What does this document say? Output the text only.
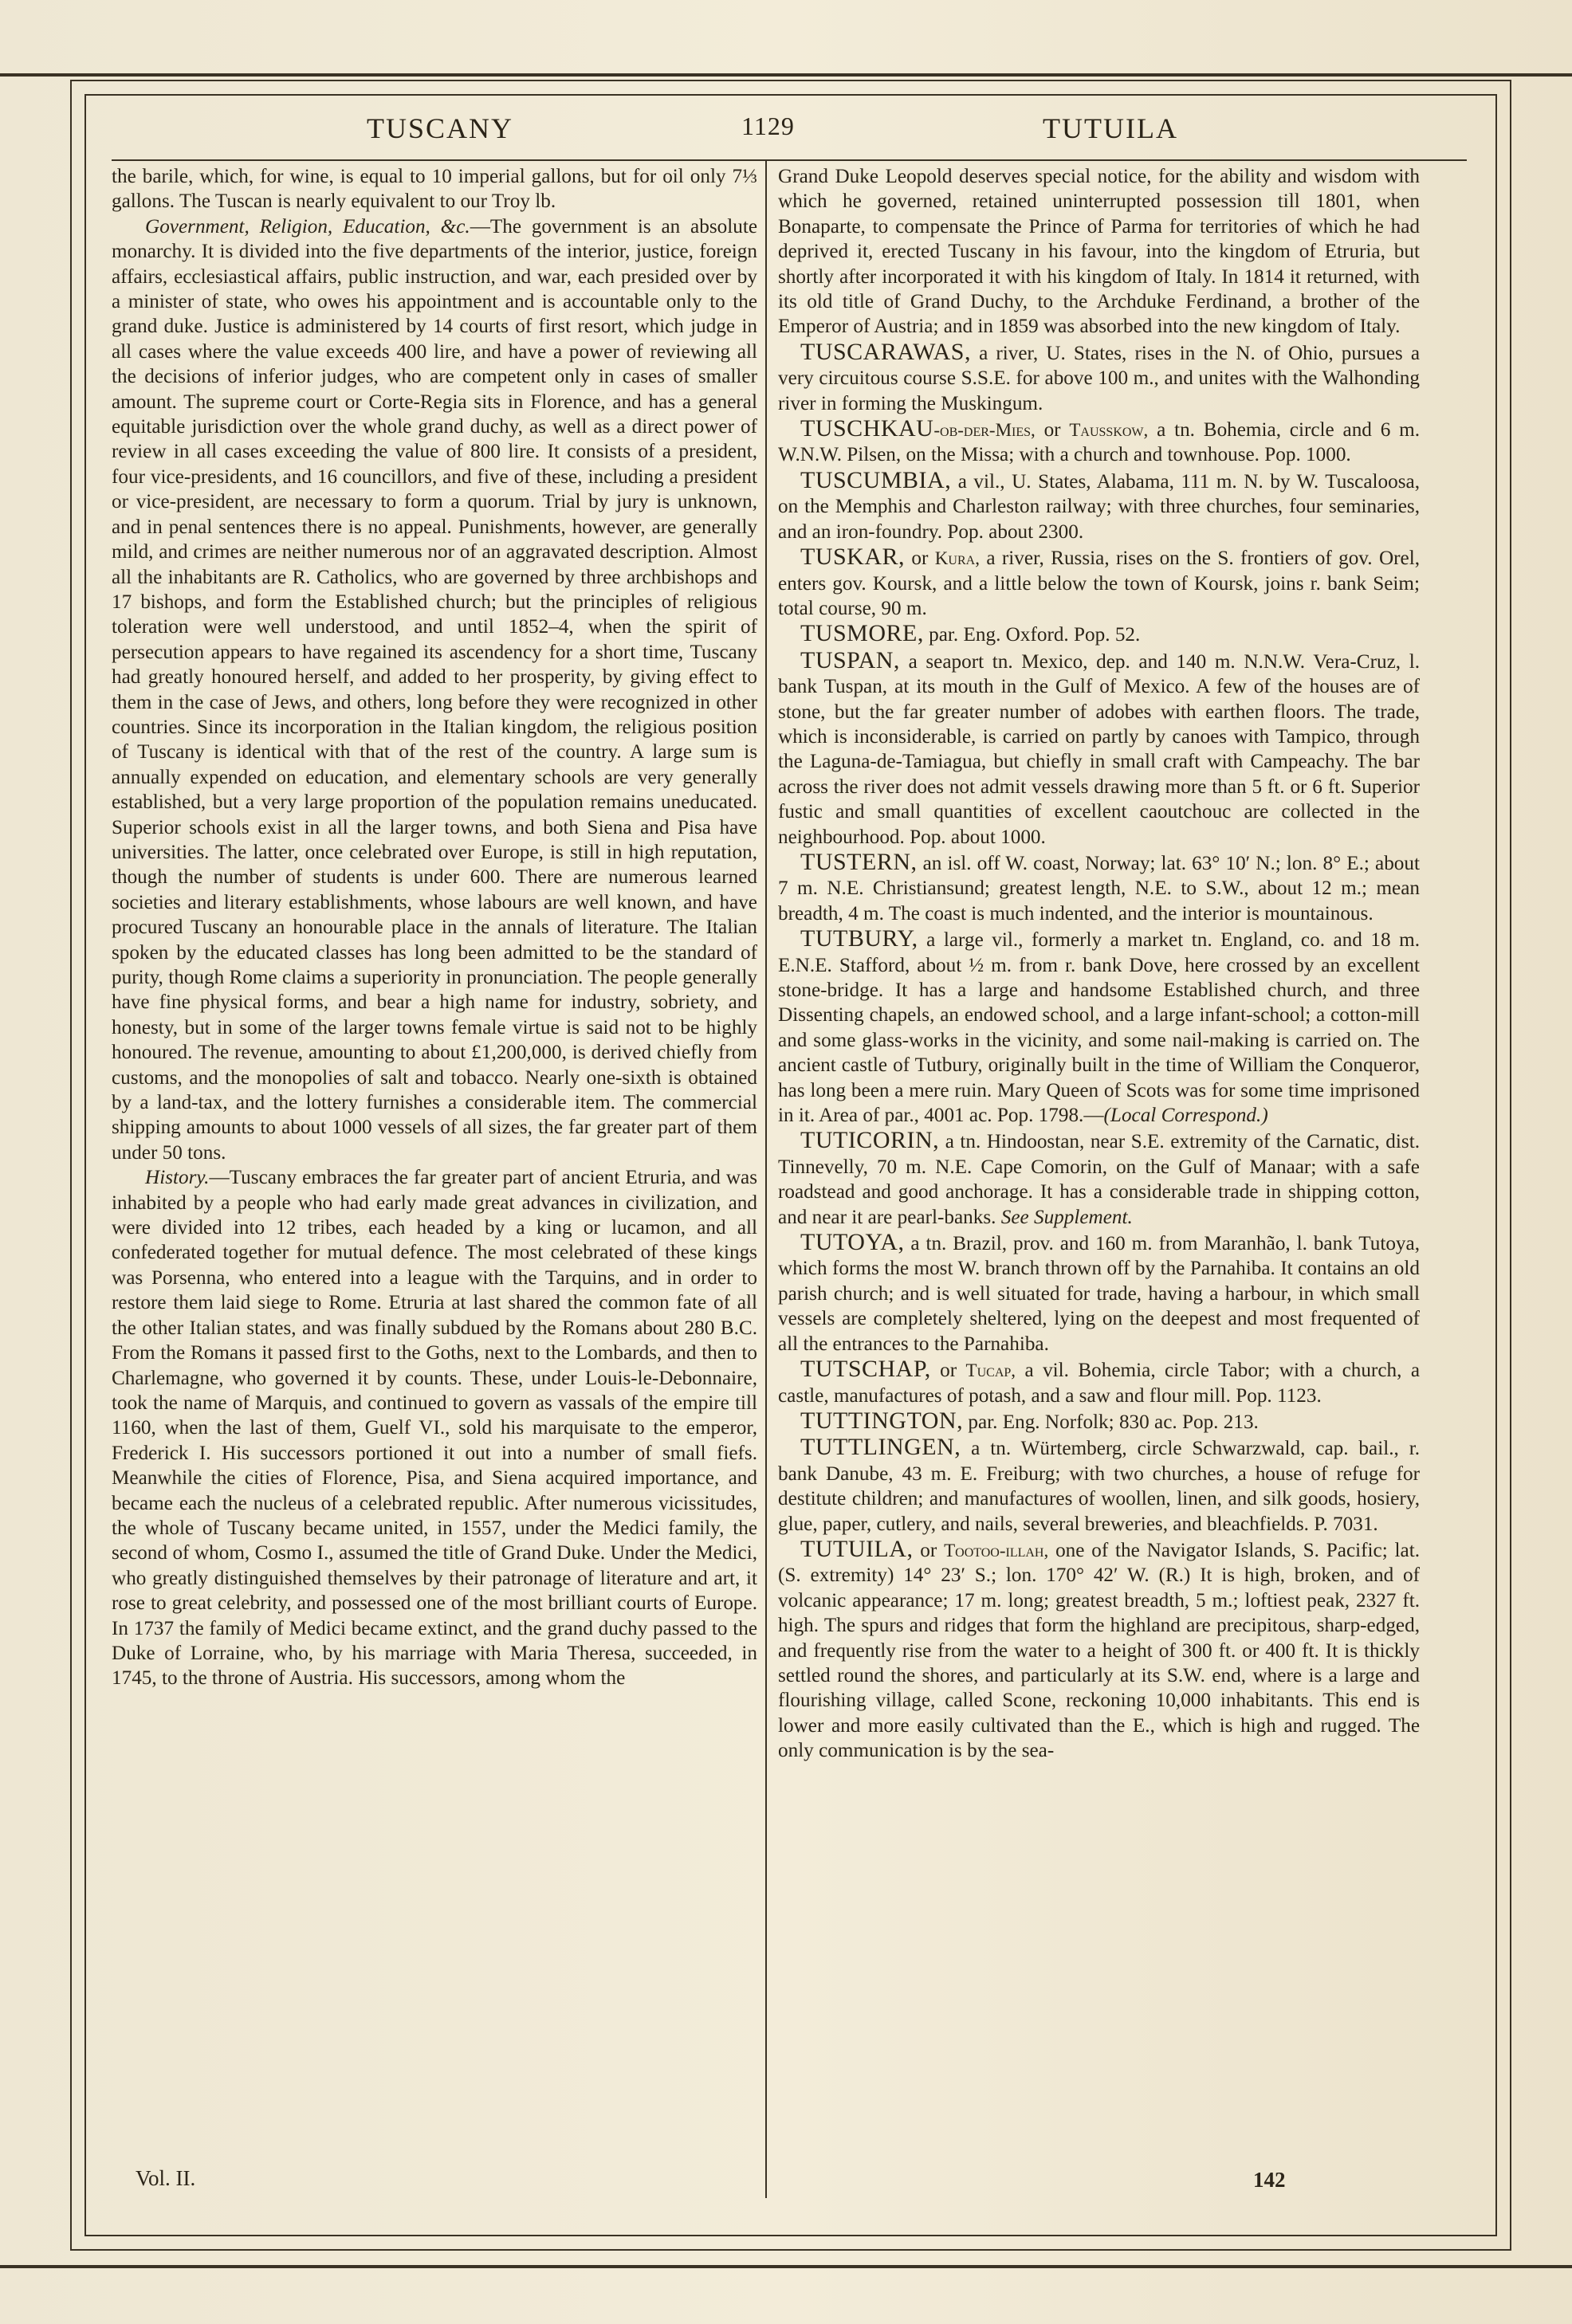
TUSCANY	1129	TUTUILA

the barile, which, for wine, is equal to 10 imperial gallons, but for oil only 7⅓ gallons. The Tuscan is nearly equivalent to our Troy lb.

Government, Religion, Education, &c.—The government is an absolute monarchy. It is divided into the five departments of the interior, justice, foreign affairs, ecclesiastical affairs, public instruction, and war, each presided over by a minister of state, who owes his appointment and is accountable only to the grand duke. Justice is administered by 14 courts of first resort, which judge in all cases where the value exceeds 400 lire, and have a power of reviewing all the decisions of inferior judges, who are competent only in cases of smaller amount. The supreme court or Corte-Regia sits in Florence, and has a general equitable jurisdiction over the whole grand duchy, as well as a direct power of review in all cases exceeding the value of 800 lire. It consists of a president, four vice-presidents, and 16 councillors, and five of these, including a president or vice-president, are necessary to form a quorum. Trial by jury is unknown, and in penal sentences there is no appeal. Punishments, however, are generally mild, and crimes are neither numerous nor of an aggravated description. Almost all the inhabitants are R. Catholics, who are governed by three archbishops and 17 bishops, and form the Established church; but the principles of religious toleration were well understood, and until 1852–4, when the spirit of persecution appears to have regained its ascendency for a short time, Tuscany had greatly honoured herself, and added to her prosperity, by giving effect to them in the case of Jews, and others, long before they were recognized in other countries. Since its incorporation in the Italian kingdom, the religious position of Tuscany is identical with that of the rest of the country. A large sum is annually expended on education, and elementary schools are very generally established, but a very large proportion of the population remains uneducated. Superior schools exist in all the larger towns, and both Siena and Pisa have universities. The latter, once celebrated over Europe, is still in high reputation, though the number of students is under 600. There are numerous learned societies and literary establishments, whose labours are well known, and have procured Tuscany an honourable place in the annals of literature. The Italian spoken by the educated classes has long been admitted to be the standard of purity, though Rome claims a superiority in pronunciation. The people generally have fine physical forms, and bear a high name for industry, sobriety, and honesty, but in some of the larger towns female virtue is said not to be highly honoured. The revenue, amounting to about £1,200,000, is derived chiefly from customs, and the monopolies of salt and tobacco. Nearly one-sixth is obtained by a land-tax, and the lottery furnishes a considerable item. The commercial shipping amounts to about 1000 vessels of all sizes, the far greater part of them under 50 tons.

History.—Tuscany embraces the far greater part of ancient Etruria, and was inhabited by a people who had early made great advances in civilization, and were divided into 12 tribes, each headed by a king or lucamon, and all confederated together for mutual defence. The most celebrated of these kings was Porsenna, who entered into a league with the Tarquins, and in order to restore them laid siege to Rome. Etruria at last shared the common fate of all the other Italian states, and was finally subdued by the Romans about 280 B.C. From the Romans it passed first to the Goths, next to the Lombards, and then to Charlemagne, who governed it by counts. These, under Louis-le-Debonnaire, took the name of Marquis, and continued to govern as vassals of the empire till 1160, when the last of them, Guelf VI., sold his marquisate to the emperor, Frederick I. His successors portioned it out into a number of small fiefs. Meanwhile the cities of Florence, Pisa, and Siena acquired importance, and became each the nucleus of a celebrated republic. After numerous vicissitudes, the whole of Tuscany became united, in 1557, under the Medici family, the second of whom, Cosmo I., assumed the title of Grand Duke. Under the Medici, who greatly distinguished themselves by their patronage of literature and art, it rose to great celebrity, and possessed one of the most brilliant courts of Europe. In 1737 the family of Medici became extinct, and the grand duchy passed to the Duke of Lorraine, who, by his marriage with Maria Theresa, succeeded, in 1745, to the throne of Austria. His successors, among whom the

Grand Duke Leopold deserves special notice, for the ability and wisdom with which he governed, retained uninterrupted possession till 1801, when Bonaparte, to compensate the Prince of Parma for territories of which he had deprived it, erected Tuscany in his favour, into the kingdom of Etruria, but shortly after incorporated it with his kingdom of Italy. In 1814 it returned, with its old title of Grand Duchy, to the Archduke Ferdinand, a brother of the Emperor of Austria; and in 1859 was absorbed into the new kingdom of Italy.

TUSCARAWAS, a river, U. States, rises in the N. of Ohio, pursues a very circuitous course S.S.E. for above 100 m., and unites with the Walhonding river in forming the Muskingum.

TUSCHKAU-ob-der-Mies, or Tausskow, a tn. Bohemia, circle and 6 m. W.N.W. Pilsen, on the Missa; with a church and townhouse. Pop. 1000.

TUSCUMBIA, a vil., U. States, Alabama, 111 m. N. by W. Tuscaloosa, on the Memphis and Charleston railway; with three churches, four seminaries, and an iron-foundry. Pop. about 2300.

TUSKAR, or Kura, a river, Russia, rises on the S. frontiers of gov. Orel, enters gov. Koursk, and a little below the town of Koursk, joins r. bank Seim; total course, 90 m.

TUSMORE, par. Eng. Oxford. Pop. 52.

TUSPAN, a seaport tn. Mexico, dep. and 140 m. N.N.W. Vera-Cruz, l. bank Tuspan, at its mouth in the Gulf of Mexico. A few of the houses are of stone, but the far greater number of adobes with earthen floors. The trade, which is inconsiderable, is carried on partly by canoes with Tampico, through the Laguna-de-Tamiagua, but chiefly in small craft with Campeachy. The bar across the river does not admit vessels drawing more than 5 ft. or 6 ft. Superior fustic and small quantities of excellent caoutchouc are collected in the neighbourhood. Pop. about 1000.

TUSTERN, an isl. off W. coast, Norway; lat. 63° 10′ N.; lon. 8° E.; about 7 m. N.E. Christiansund; greatest length, N.E. to S.W., about 12 m.; mean breadth, 4 m. The coast is much indented, and the interior is mountainous.

TUTBURY, a large vil., formerly a market tn. England, co. and 18 m. E.N.E. Stafford, about ½ m. from r. bank Dove, here crossed by an excellent stone-bridge. It has a large and handsome Established church, and three Dissenting chapels, an endowed school, and a large infant-school; a cotton-mill and some glass-works in the vicinity, and some nail-making is carried on. The ancient castle of Tutbury, originally built in the time of William the Conqueror, has long been a mere ruin. Mary Queen of Scots was for some time imprisoned in it. Area of par., 4001 ac. Pop. 1798.—(Local Correspond.)

TUTICORIN, a tn. Hindoostan, near S.E. extremity of the Carnatic, dist. Tinnevelly, 70 m. N.E. Cape Comorin, on the Gulf of Manaar; with a safe roadstead and good anchorage. It has a considerable trade in shipping cotton, and near it are pearl-banks. See Supplement.

TUTOYA, a tn. Brazil, prov. and 160 m. from Maranhão, l. bank Tutoya, which forms the most W. branch thrown off by the Parnahiba. It contains an old parish church; and is well situated for trade, having a harbour, in which small vessels are completely sheltered, lying on the deepest and most frequented of all the entrances to the Parnahiba.

TUTSCHAP, or Tucap, a vil. Bohemia, circle Tabor; with a church, a castle, manufactures of potash, and a saw and flour mill. Pop. 1123.

TUTTINGTON, par. Eng. Norfolk; 830 ac. Pop. 213.

TUTTLINGEN, a tn. Würtemberg, circle Schwarzwald, cap. bail., r. bank Danube, 43 m. E. Freiburg; with two churches, a house of refuge for destitute children; and manufactures of woollen, linen, and silk goods, hosiery, glue, paper, cutlery, and nails, several breweries, and bleachfields. P. 7031.

TUTUILA, or Tootoo-illah, one of the Navigator Islands, S. Pacific; lat. (S. extremity) 14° 23′ S.; lon. 170° 42′ W. (R.) It is high, broken, and of volcanic appearance; 17 m. long; greatest breadth, 5 m.; loftiest peak, 2327 ft. high. The spurs and ridges that form the highland are precipitous, sharp-edged, and frequently rise from the water to a height of 300 ft. or 400 ft. It is thickly settled round the shores, and particularly at its S.W. end, where is a large and flourishing village, called Scone, reckoning 10,000 inhabitants. This end is lower and more easily cultivated than the E., which is high and rugged. The only communication is by the sea-

Vol. II.	142
